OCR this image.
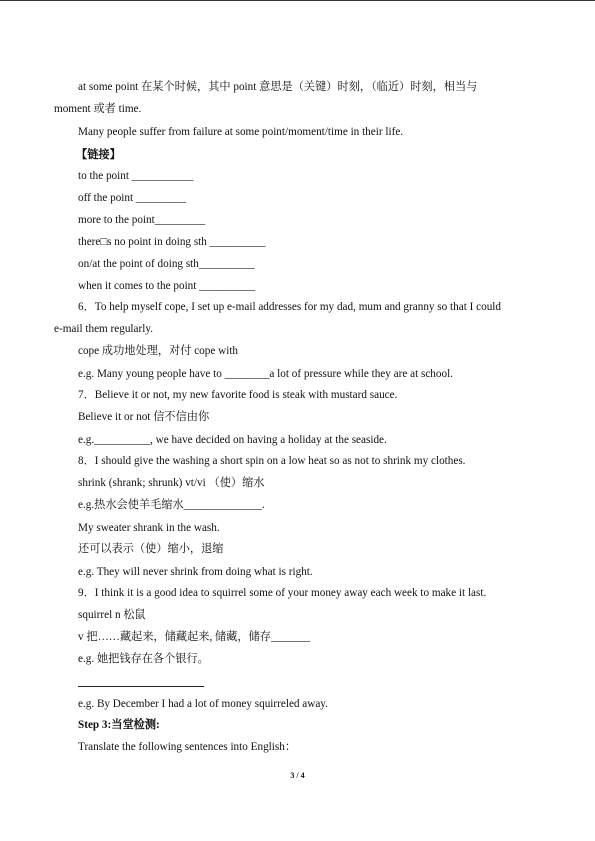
at some point 在某个时候，其中 point 意思是（关键）时刻，（临近）时刻，相当与
moment 或者 time.
Many people suffer from failure at some point/moment/time in their life.
【链接】
to the point ___________
off the point _________
more to the point_________
there□s no point in doing sth __________
on/at the point of doing sth__________
when it comes to the point __________
6．To help myself cope, I set up e-mail addresses for my dad, mum and granny so that I could
e-mail them regularly.
cope 成功地处理，对付 cope with
e.g. Many young people have to ________a lot of pressure while they are at school.
7．Believe it or not, my new favorite food is steak with mustard sauce.
Believe it or not 信不信由你
e.g.__________, we have decided on having a holiday at the seaside.
8．I should give the washing a short spin on a low heat so as not to shrink my clothes.
shrink (shrank; shrunk) vt/vi （使）缩水
e.g.热水会使羊毛缩水______________.
My sweater shrank in the wash.
还可以表示（使）缩小，退缩
e.g. They will never shrink from doing what is right.
9．I think it is a good idea to squirrel some of your money away each week to make it last.
squirrel n 松鼠
v 把……藏起来，储藏起来, 储藏，储存_______
e.g. 她把钱存在各个银行。
e.g. By December I had a lot of money squirreled away.
Step 3:当堂检测:
Translate the following sentences into English：
3 / 4
